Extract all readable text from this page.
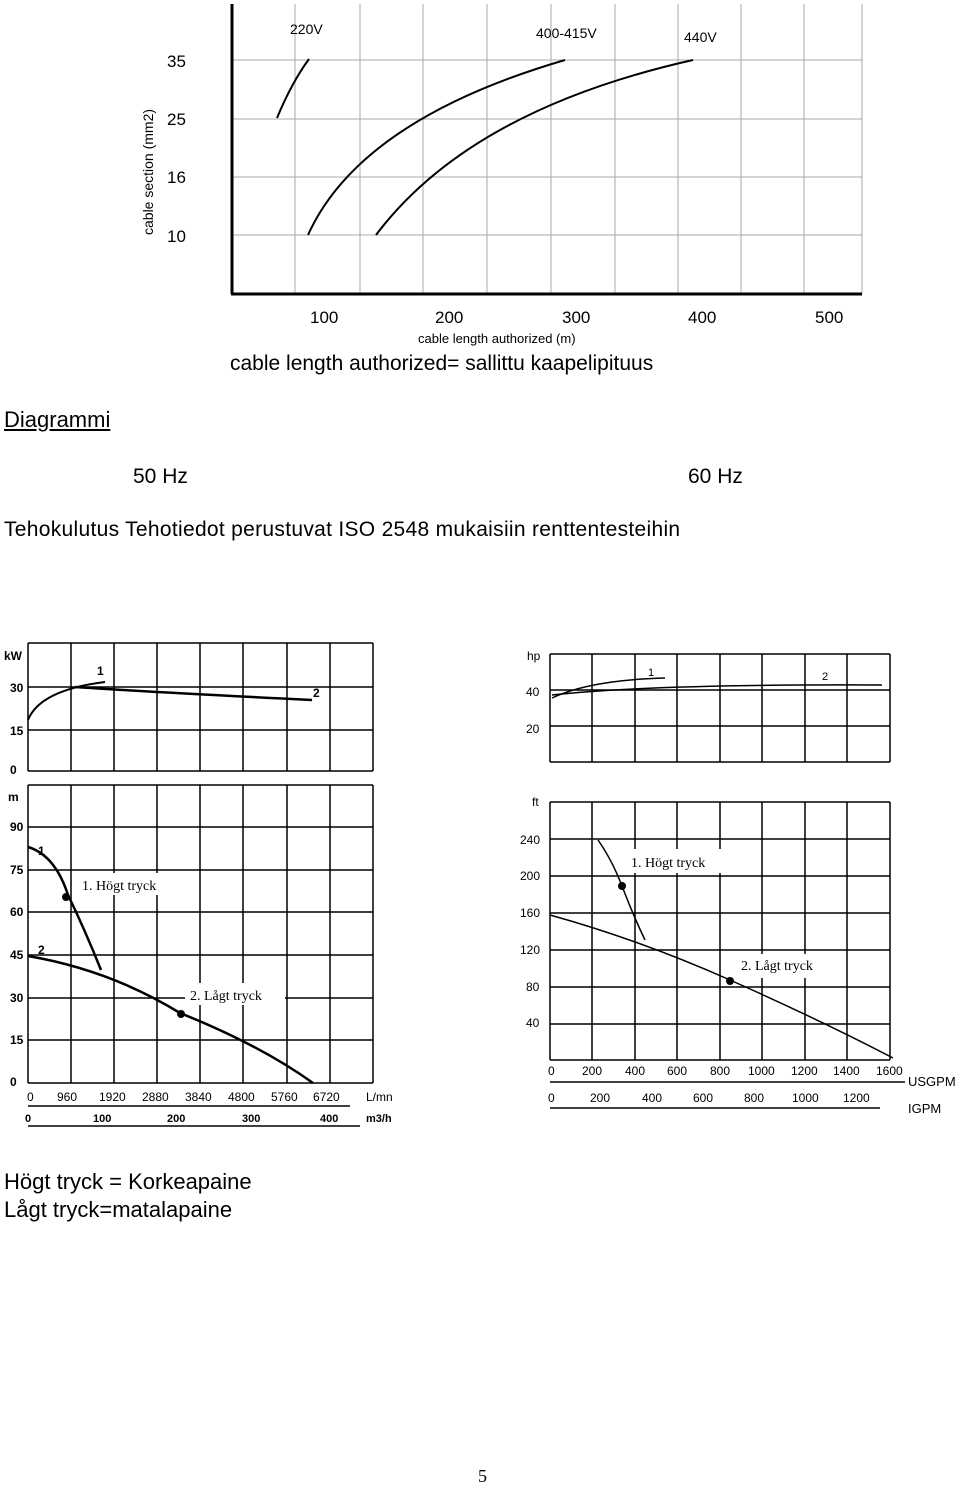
220V	400-415V	440V
35
25
16
10
cable section (mm2)
100	200	300	400	500
cable length authorized (m)

cable length authorized= sallittu kaapelipituus

Diagrammi

50 Hz	60 Hz

Tehokulutus Tehotiedot perustuvat ISO 2548 mukaisiin renttentesteihin

1
2
kW
30
15
0
1
2
1. Högt tryck
2. Lågt tryck
m
90
75
60
45
30
15
0
0 960 1920 2880 3840 4800 5760 6720 L/mn
0	100	200	300	400	m3/h
1	2
hp
40
20
1. Högt tryck
2. Lågt tryck
ft
240
200
160
120
80
40
0 200 400 600 800 1000 1200 1400 1600
0	200	400	600	800 1000 1200
USGPM
IGPM

Högt tryck = Korkeapaine

Lågt tryck=matalapaine

5
